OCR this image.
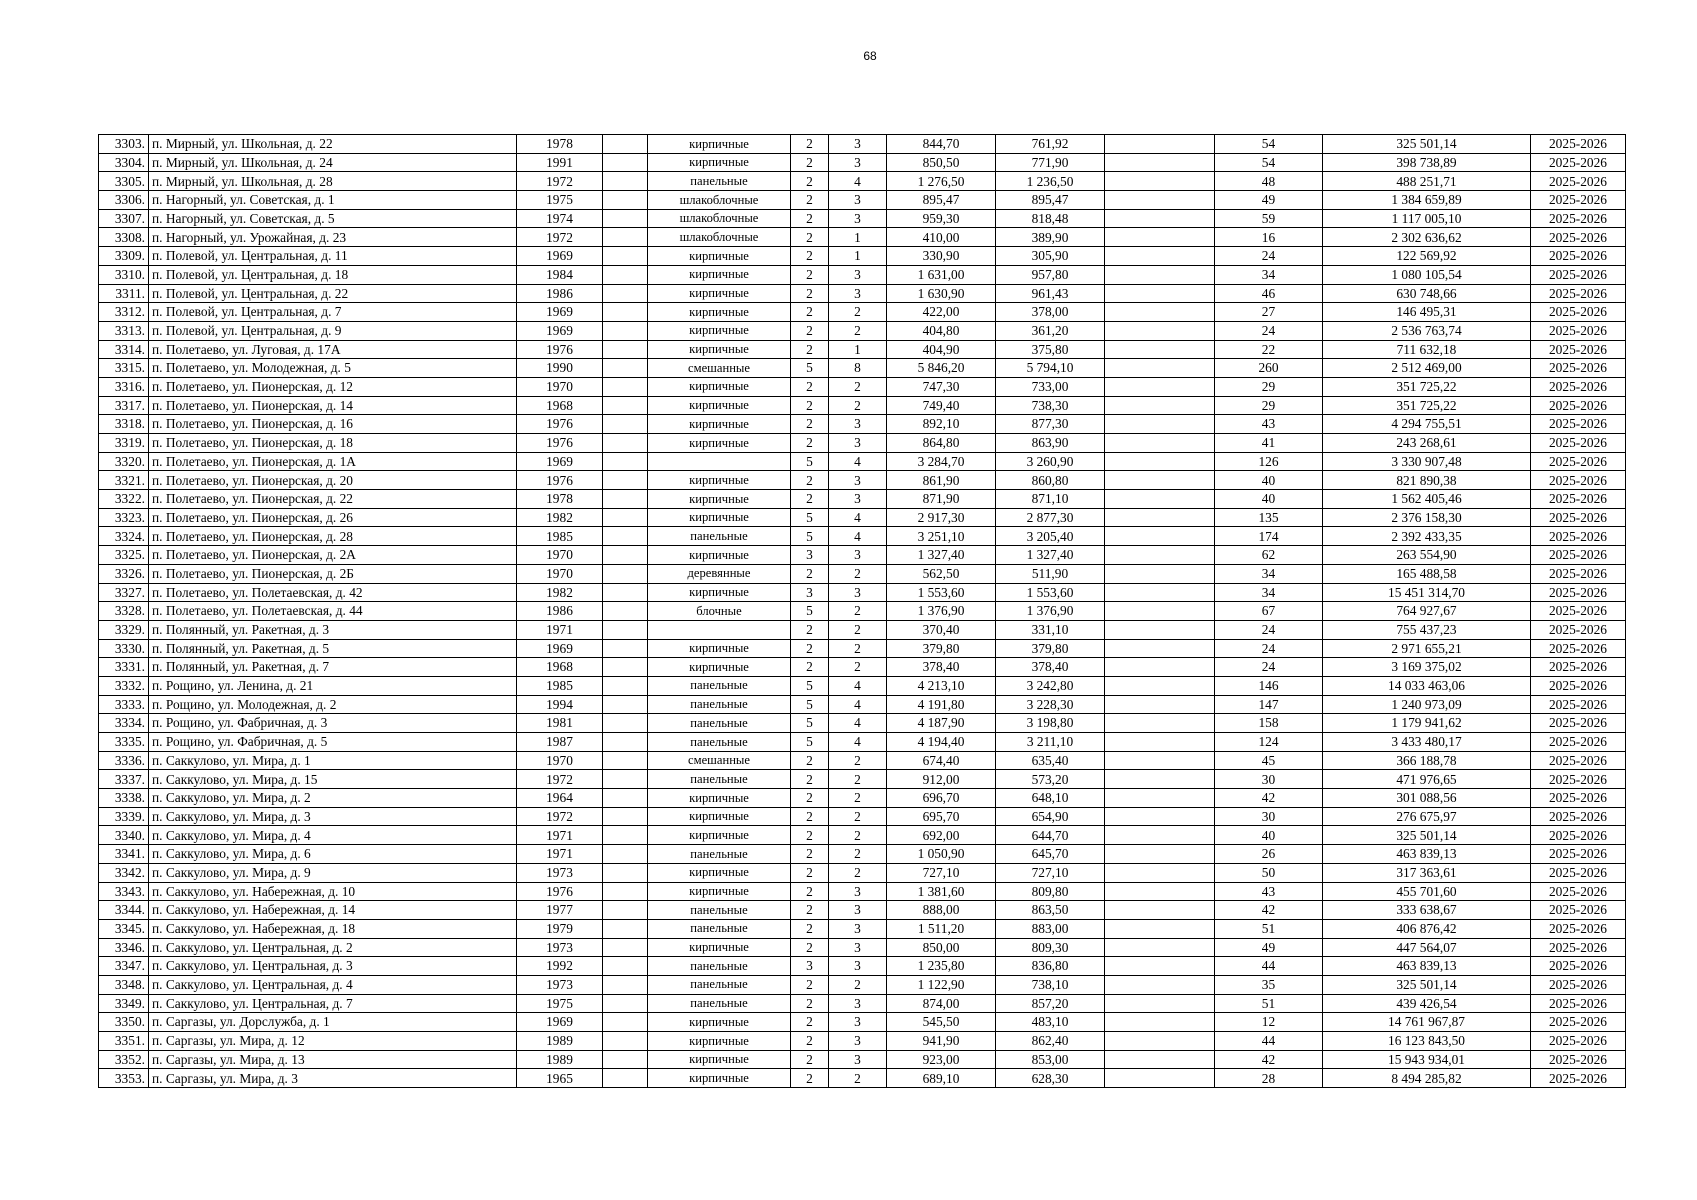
68
3303.	п. Мирный, ул. Школьная, д. 22	1978		кирпичные	2	3	844,70	761,92		54	325 501,14	2025-2026
3304.	п. Мирный, ул. Школьная, д. 24	1991		кирпичные	2	3	850,50	771,90		54	398 738,89	2025-2026
3305.	п. Мирный, ул. Школьная, д. 28	1972		панельные	2	4	1 276,50	1 236,50		48	488 251,71	2025-2026
3306.	п. Нагорный, ул. Советская, д. 1	1975		шлакоблочные	2	3	895,47	895,47		49	1 384 659,89	2025-2026
3307.	п. Нагорный, ул. Советская, д. 5	1974		шлакоблочные	2	3	959,30	818,48		59	1 117 005,10	2025-2026
3308.	п. Нагорный, ул. Урожайная, д. 23	1972		шлакоблочные	2	1	410,00	389,90		16	2 302 636,62	2025-2026
3309.	п. Полевой, ул. Центральная, д. 11	1969		кирпичные	2	1	330,90	305,90		24	122 569,92	2025-2026
3310.	п. Полевой, ул. Центральная, д. 18	1984		кирпичные	2	3	1 631,00	957,80		34	1 080 105,54	2025-2026
3311.	п. Полевой, ул. Центральная, д. 22	1986		кирпичные	2	3	1 630,90	961,43		46	630 748,66	2025-2026
3312.	п. Полевой, ул. Центральная, д. 7	1969		кирпичные	2	2	422,00	378,00		27	146 495,31	2025-2026
3313.	п. Полевой, ул. Центральная, д. 9	1969		кирпичные	2	2	404,80	361,20		24	2 536 763,74	2025-2026
3314.	п. Полетаево, ул. Луговая, д. 17А	1976		кирпичные	2	1	404,90	375,80		22	711 632,18	2025-2026
3315.	п. Полетаево, ул. Молодежная, д. 5	1990		смешанные	5	8	5 846,20	5 794,10		260	2 512 469,00	2025-2026
3316.	п. Полетаево, ул. Пионерская, д. 12	1970		кирпичные	2	2	747,30	733,00		29	351 725,22	2025-2026
3317.	п. Полетаево, ул. Пионерская, д. 14	1968		кирпичные	2	2	749,40	738,30		29	351 725,22	2025-2026
3318.	п. Полетаево, ул. Пионерская, д. 16	1976		кирпичные	2	3	892,10	877,30		43	4 294 755,51	2025-2026
3319.	п. Полетаево, ул. Пионерская, д. 18	1976		кирпичные	2	3	864,80	863,90		41	243 268,61	2025-2026
3320.	п. Полетаево, ул. Пионерская, д. 1А	1969			5	4	3 284,70	3 260,90		126	3 330 907,48	2025-2026
3321.	п. Полетаево, ул. Пионерская, д. 20	1976		кирпичные	2	3	861,90	860,80		40	821 890,38	2025-2026
3322.	п. Полетаево, ул. Пионерская, д. 22	1978		кирпичные	2	3	871,90	871,10		40	1 562 405,46	2025-2026
3323.	п. Полетаево, ул. Пионерская, д. 26	1982		кирпичные	5	4	2 917,30	2 877,30		135	2 376 158,30	2025-2026
3324.	п. Полетаево, ул. Пионерская, д. 28	1985		панельные	5	4	3 251,10	3 205,40		174	2 392 433,35	2025-2026
3325.	п. Полетаево, ул. Пионерская, д. 2А	1970		кирпичные	3	3	1 327,40	1 327,40		62	263 554,90	2025-2026
3326.	п. Полетаево, ул. Пионерская, д. 2Б	1970		деревянные	2	2	562,50	511,90		34	165 488,58	2025-2026
3327.	п. Полетаево, ул. Полетаевская, д. 42	1982		кирпичные	3	3	1 553,60	1 553,60		34	15 451 314,70	2025-2026
3328.	п. Полетаево, ул. Полетаевская, д. 44	1986		блочные	5	2	1 376,90	1 376,90		67	764 927,67	2025-2026
3329.	п. Полянный, ул. Ракетная, д. 3	1971			2	2	370,40	331,10		24	755 437,23	2025-2026
3330.	п. Полянный, ул. Ракетная, д. 5	1969		кирпичные	2	2	379,80	379,80		24	2 971 655,21	2025-2026
3331.	п. Полянный, ул. Ракетная, д. 7	1968		кирпичные	2	2	378,40	378,40		24	3 169 375,02	2025-2026
3332.	п. Рощино, ул. Ленина, д. 21	1985		панельные	5	4	4 213,10	3 242,80		146	14 033 463,06	2025-2026
3333.	п. Рощино, ул. Молодежная, д. 2	1994		панельные	5	4	4 191,80	3 228,30		147	1 240 973,09	2025-2026
3334.	п. Рощино, ул. Фабричная, д. 3	1981		панельные	5	4	4 187,90	3 198,80		158	1 179 941,62	2025-2026
3335.	п. Рощино, ул. Фабричная, д. 5	1987		панельные	5	4	4 194,40	3 211,10		124	3 433 480,17	2025-2026
3336.	п. Саккулово, ул. Мира, д. 1	1970		смешанные	2	2	674,40	635,40		45	366 188,78	2025-2026
3337.	п. Саккулово, ул. Мира, д. 15	1972		панельные	2	2	912,00	573,20		30	471 976,65	2025-2026
3338.	п. Саккулово, ул. Мира, д. 2	1964		кирпичные	2	2	696,70	648,10		42	301 088,56	2025-2026
3339.	п. Саккулово, ул. Мира, д. 3	1972		кирпичные	2	2	695,70	654,90		30	276 675,97	2025-2026
3340.	п. Саккулово, ул. Мира, д. 4	1971		кирпичные	2	2	692,00	644,70		40	325 501,14	2025-2026
3341.	п. Саккулово, ул. Мира, д. 6	1971		панельные	2	2	1 050,90	645,70		26	463 839,13	2025-2026
3342.	п. Саккулово, ул. Мира, д. 9	1973		кирпичные	2	2	727,10	727,10		50	317 363,61	2025-2026
3343.	п. Саккулово, ул. Набережная, д. 10	1976		кирпичные	2	3	1 381,60	809,80		43	455 701,60	2025-2026
3344.	п. Саккулово, ул. Набережная, д. 14	1977		панельные	2	3	888,00	863,50		42	333 638,67	2025-2026
3345.	п. Саккулово, ул. Набережная, д. 18	1979		панельные	2	3	1 511,20	883,00		51	406 876,42	2025-2026
3346.	п. Саккулово, ул. Центральная, д. 2	1973		кирпичные	2	3	850,00	809,30		49	447 564,07	2025-2026
3347.	п. Саккулово, ул. Центральная, д. 3	1992		панельные	3	3	1 235,80	836,80		44	463 839,13	2025-2026
3348.	п. Саккулово, ул. Центральная, д. 4	1973		панельные	2	2	1 122,90	738,10		35	325 501,14	2025-2026
3349.	п. Саккулово, ул. Центральная, д. 7	1975		панельные	2	3	874,00	857,20		51	439 426,54	2025-2026
3350.	п. Саргазы, ул. Дорслужба, д. 1	1969		кирпичные	2	3	545,50	483,10		12	14 761 967,87	2025-2026
3351.	п. Саргазы, ул. Мира, д. 12	1989		кирпичные	2	3	941,90	862,40		44	16 123 843,50	2025-2026
3352.	п. Саргазы, ул. Мира, д. 13	1989		кирпичные	2	3	923,00	853,00		42	15 943 934,01	2025-2026
3353.	п. Саргазы, ул. Мира, д. 3	1965		кирпичные	2	2	689,10	628,30		28	8 494 285,82	2025-2026
